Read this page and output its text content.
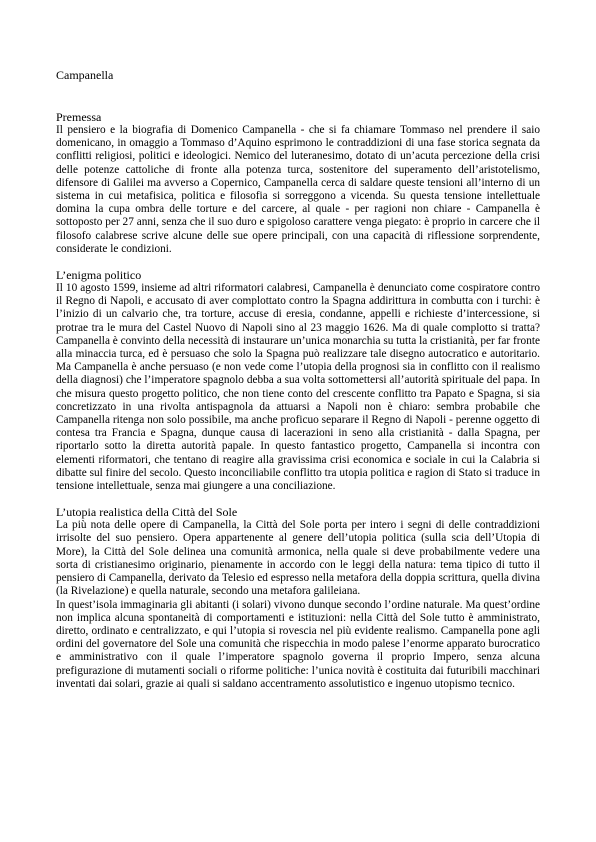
Campanella
Premessa

Il pensiero e la biografia di Domenico Campanella - che si fa chiamare Tommaso nel prendere il saio domenicano, in omaggio a Tommaso d’Aquino esprimono le contraddizioni di una fase storica segnata da conflitti religiosi, politici e ideologici. Nemico del luteranesimo, dotato di un’acuta percezione della crisi delle potenze cattoliche di fronte alla potenza turca, sostenitore del superamento dell’aristotelismo, difensore di Galilei ma avverso a Copernico, Campanella cerca di saldare queste tensioni all’interno di un sistema in cui metafisica, politica e filosofia si sorreggono a vicenda. Su questa tensione intellettuale domina la cupa ombra delle torture e del carcere, al quale - per ragioni non chiare - Campanella è sottoposto per 27 anni, senza che il suo duro e spigoloso carattere venga piegato: è proprio in carcere che il filosofo calabrese scrive alcune delle sue opere principali, con una capacità di riflessione sorprendente, considerate le condizioni.

L’enigma politico

Il 10 agosto 1599, insieme ad altri riformatori calabresi, Campanella è denunciato come cospiratore contro il Regno di Napoli, e accusato di aver complottato contro la Spagna addirittura in combutta con i turchi: è l’inizio di un calvario che, tra torture, accuse di eresia, condanne, appelli e richieste d’intercessione, si protrae tra le mura del Castel Nuovo di Napoli sino al 23 maggio 1626. Ma di quale complotto si tratta? Campanella è convinto della necessità di instaurare un’unica monarchia su tutta la cristianità, per far fronte alla minaccia turca, ed è persuaso che solo la Spagna può realizzare tale disegno autocratico e autoritario. Ma Campanella è anche persuaso (e non vede come l’utopia della prognosi sia in conflitto con il realismo della diagnosi) che l’imperatore spagnolo debba a sua volta sottomettersi all’autorità spirituale del papa. In che misura questo progetto politico, che non tiene conto del crescente conflitto tra Papato e Spagna, si sia concretizzato in una rivolta antispagnola da attuarsi a Napoli non è chiaro: sembra probabile che Campanella ritenga non solo possibile, ma anche proficuo separare il Regno di Napoli - perenne oggetto di contesa tra Francia e Spagna, dunque causa di lacerazioni in seno alla cristianità - dalla Spagna, per riportarlo sotto la diretta autorità papale. In questo fantastico progetto, Campanella si incontra con elementi riformatori, che tentano di reagire alla gravissima crisi economica e sociale in cui la Calabria si dibatte sul finire del secolo. Questo inconciliabile conflitto tra utopia politica e ragion di Stato si traduce in tensione intellettuale, senza mai giungere a una conciliazione.

L’utopia realistica della Città del Sole

La più nota delle opere di Campanella, la Città del Sole porta per intero i segni di delle contraddizioni irrisolte del suo pensiero. Opera appartenente al genere dell’utopia politica (sulla scia dell’Utopia di More), la Città del Sole delinea una comunità armonica, nella quale si deve probabilmente vedere una sorta di cristianesimo originario, pienamente in accordo con le leggi della natura: tema tipico di tutto il pensiero di Campanella, derivato da Telesio ed espresso nella metafora della doppia scrittura, quella divina (la Rivelazione) e quella naturale, secondo una metafora galileiana.

In quest’isola immaginaria gli abitanti (i solari) vivono dunque secondo l’ordine naturale. Ma quest’ordine non implica alcuna spontaneità di comportamenti e istituzioni: nella Città del Sole tutto è amministrato, diretto, ordinato e centralizzato, e qui l’utopia si rovescia nel più evidente realismo. Campanella pone agli ordini del governatore del Sole una comunità che rispecchia in modo palese l’enorme apparato burocratico e amministrativo con il quale l’imperatore spagnolo governa il proprio Impero, senza alcuna prefigurazione di mutamenti sociali o riforme politiche: l’unica novità è costituita dai futuribili macchinari inventati dai solari, grazie ai quali si saldano accentramento assolutistico e ingenuo utopismo tecnico.
